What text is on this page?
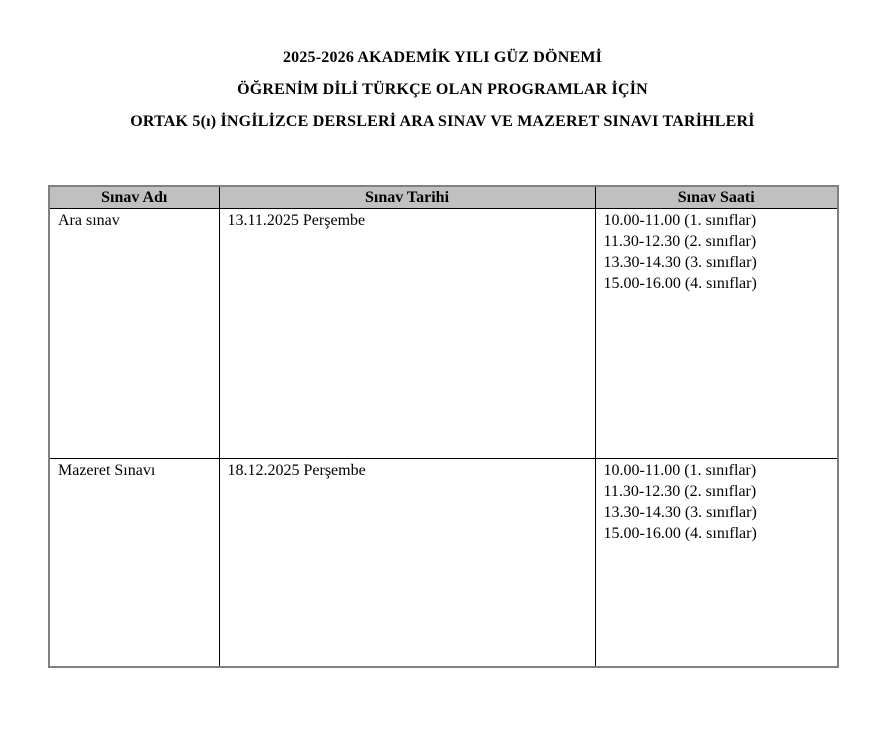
2025-2026 AKADEMİK YILI GÜZ DÖNEMİ
ÖĞRENİM DİLİ TÜRKÇE OLAN PROGRAMLAR İÇİN
ORTAK 5(ı) İNGİLİZCE DERSLERİ ARA SINAV VE MAZERET SINAVI TARİHLERİ
Sınav Adı	Sınav Tarihi	Sınav Saati

Ara sınav	13.11.2025 Perşembe	10.00-11.00 (1. sınıflar)
11.30-12.30 (2. sınıflar)
13.30-14.30 (3. sınıflar)
15.00-16.00 (4. sınıflar)

Mazeret Sınavı	18.12.2025 Perşembe	10.00-11.00 (1. sınıflar)
11.30-12.30 (2. sınıflar)
13.30-14.30 (3. sınıflar)
15.00-16.00 (4. sınıflar)
